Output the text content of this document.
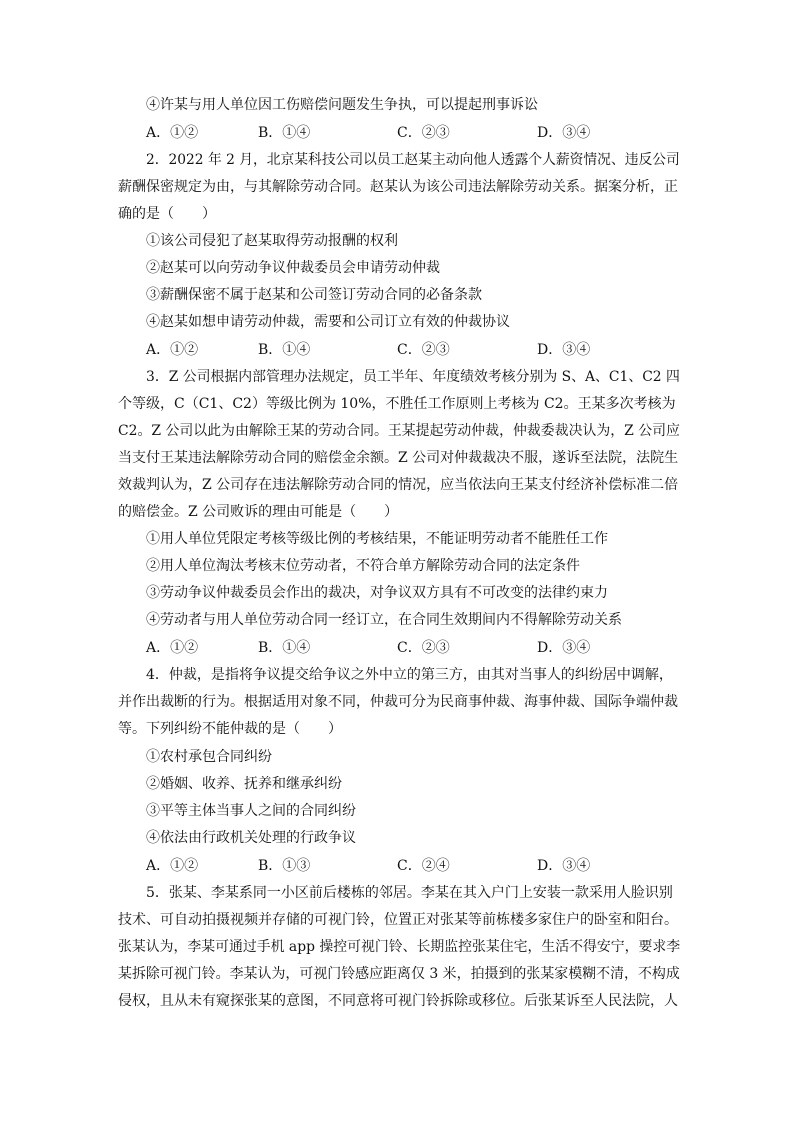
④许某与用人单位因工伤赔偿问题发生争执，可以提起刑事诉讼
A．①②	B．①④	C．②③	D．③④
2．2022 年 2 月，北京某科技公司以员工赵某主动向他人透露个人薪资情况、违反公司
薪酬保密规定为由，与其解除劳动合同。赵某认为该公司违法解除劳动关系。据案分析，正
确的是（　　）
①该公司侵犯了赵某取得劳动报酬的权利
②赵某可以向劳动争议仲裁委员会申请劳动仲裁
③薪酬保密不属于赵某和公司签订劳动合同的必备条款
④赵某如想申请劳动仲裁，需要和公司订立有效的仲裁协议
A．①②	B．①④	C．②③	D．③④
3．Z 公司根据内部管理办法规定，员工半年、年度绩效考核分别为 S、A、C1、C2 四
个等级，C（C1、C2）等级比例为 10%，不胜任工作原则上考核为 C2。王某多次考核为
C2。Z 公司以此为由解除王某的劳动合同。王某提起劳动仲裁，仲裁委裁决认为，Z 公司应
当支付王某违法解除劳动合同的赔偿金余额。Z 公司对仲裁裁决不服，遂诉至法院，法院生
效裁判认为，Z 公司存在违法解除劳动合同的情况，应当依法向王某支付经济补偿标准二倍
的赔偿金。Z 公司败诉的理由可能是（　　）
①用人单位凭限定考核等级比例的考核结果，不能证明劳动者不能胜任工作
②用人单位淘汰考核末位劳动者，不符合单方解除劳动合同的法定条件
③劳动争议仲裁委员会作出的裁决，对争议双方具有不可改变的法律约束力
④劳动者与用人单位劳动合同一经订立，在合同生效期间内不得解除劳动关系
A．①②	B．①④	C．②③	D．③④
4．仲裁，是指将争议提交给争议之外中立的第三方，由其对当事人的纠纷居中调解，
并作出裁断的行为。根据适用对象不同，仲裁可分为民商事仲裁、海事仲裁、国际争端仲裁
等。下列纠纷不能仲裁的是（　　）
①农村承包合同纠纷
②婚姻、收养、抚养和继承纠纷
③平等主体当事人之间的合同纠纷
④依法由行政机关处理的行政争议
A．①②	B．①③	C．②④	D．③④
5．张某、李某系同一小区前后楼栋的邻居。李某在其入户门上安装一款采用人脸识别
技术、可自动拍摄视频并存储的可视门铃，位置正对张某等前栋楼多家住户的卧室和阳台。
张某认为，李某可通过手机 app 操控可视门铃、长期监控张某住宅，生活不得安宁，要求李
某拆除可视门铃。李某认为，可视门铃感应距离仅 3 米，拍摄到的张某家模糊不清，不构成
侵权，且从未有窥探张某的意图，不同意将可视门铃拆除或移位。后张某诉至人民法院，人
